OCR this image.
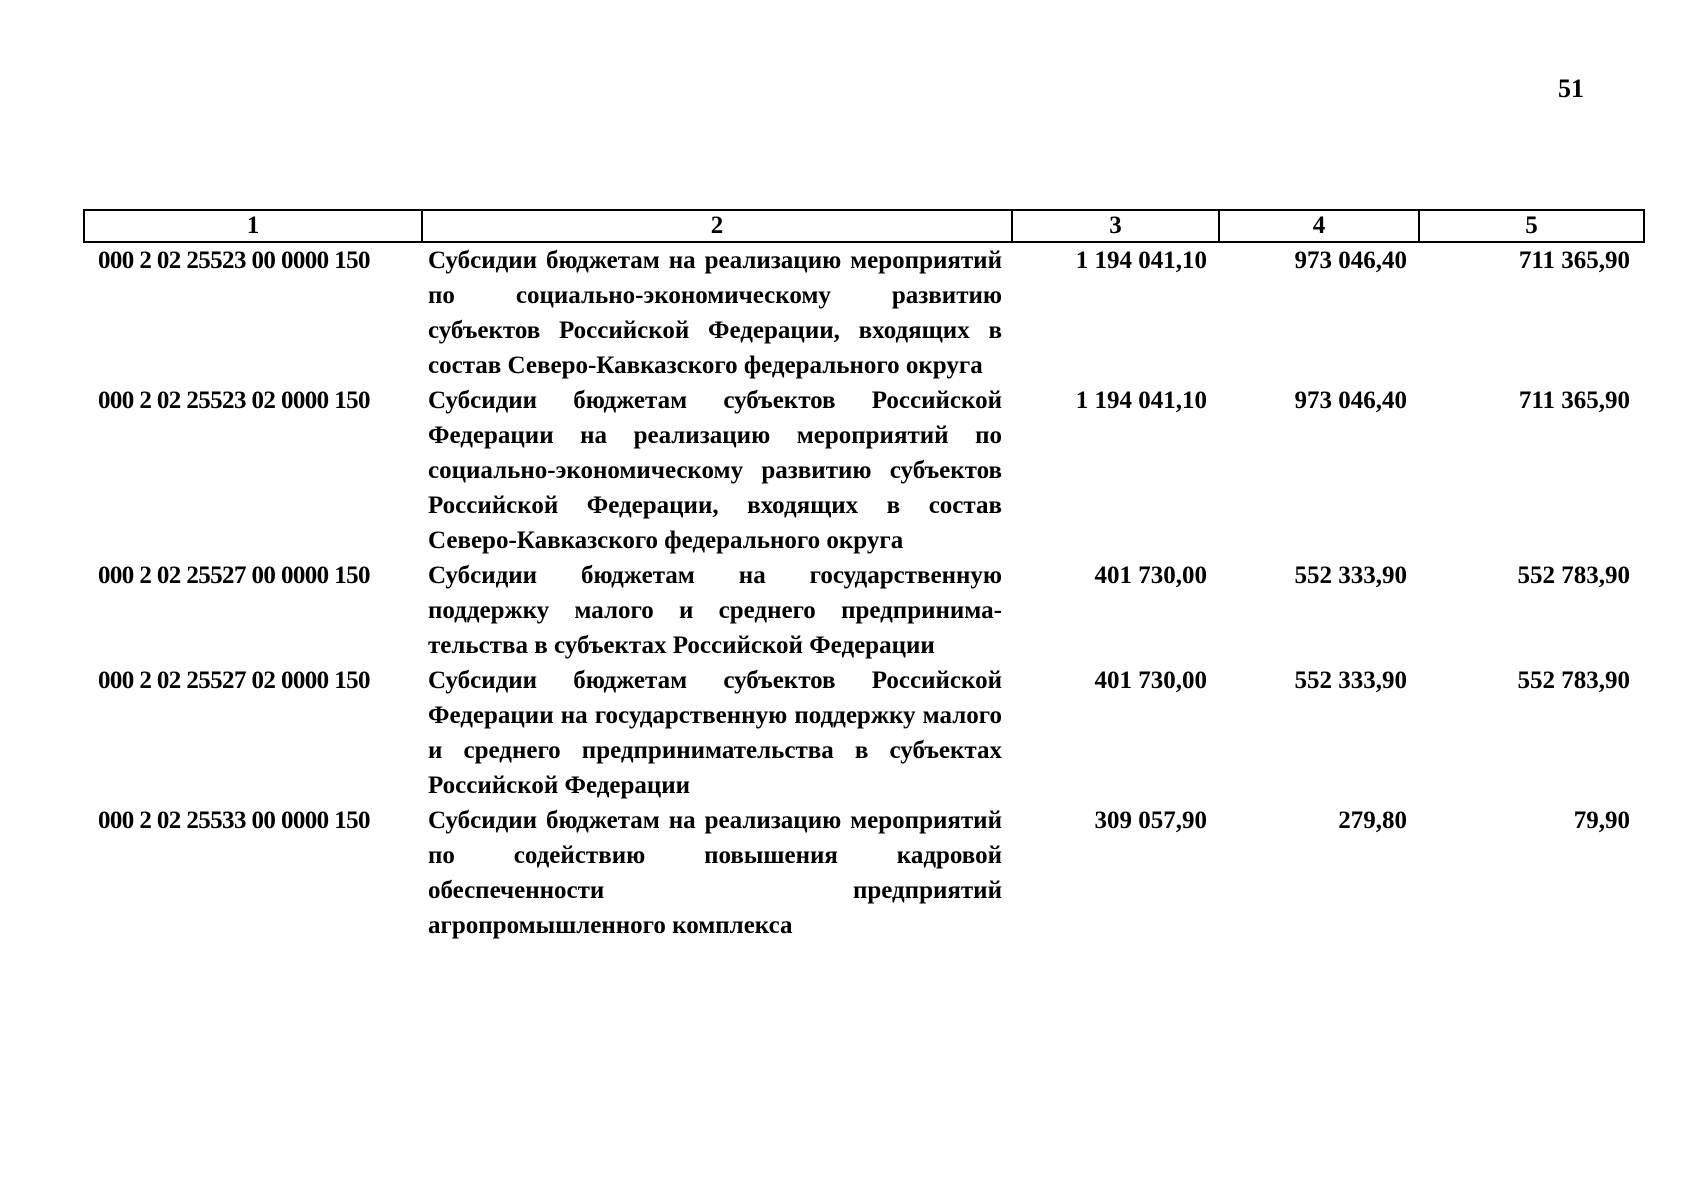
51
1	2	3	4	5
000 2 02 25523 00 0000 150	Субсидии бюджетам на реализацию мероприятий по социально-экономическому развитию субъектов Российской Федерации, входящих в состав Северо-Кавказского федерального округа	1 194 041,10	973 046,40	711 365,90
000 2 02 25523 02 0000 150	Субсидии бюджетам субъектов Российской Федерации на реализацию мероприятий по социально-экономическому развитию субъектов Российской Федерации, входящих в состав Северо-Кавказского федерального округа	1 194 041,10	973 046,40	711 365,90
000 2 02 25527 00 0000 150	Субсидии бюджетам на государственную поддержку малого и среднего предпринима-тельства в субъектах Российской Федерации	401 730,00	552 333,90	552 783,90
000 2 02 25527 02 0000 150	Субсидии бюджетам субъектов Российской Федерации на государственную поддержку малого и среднего предпринимательства в субъектах Российской Федерации	401 730,00	552 333,90	552 783,90
000 2 02 25533 00 0000 150	Субсидии бюджетам на реализацию мероприятий по содействию повышения кадровой обеспеченности предприятий агропромышленного комплекса	309 057,90	279,80	79,90
